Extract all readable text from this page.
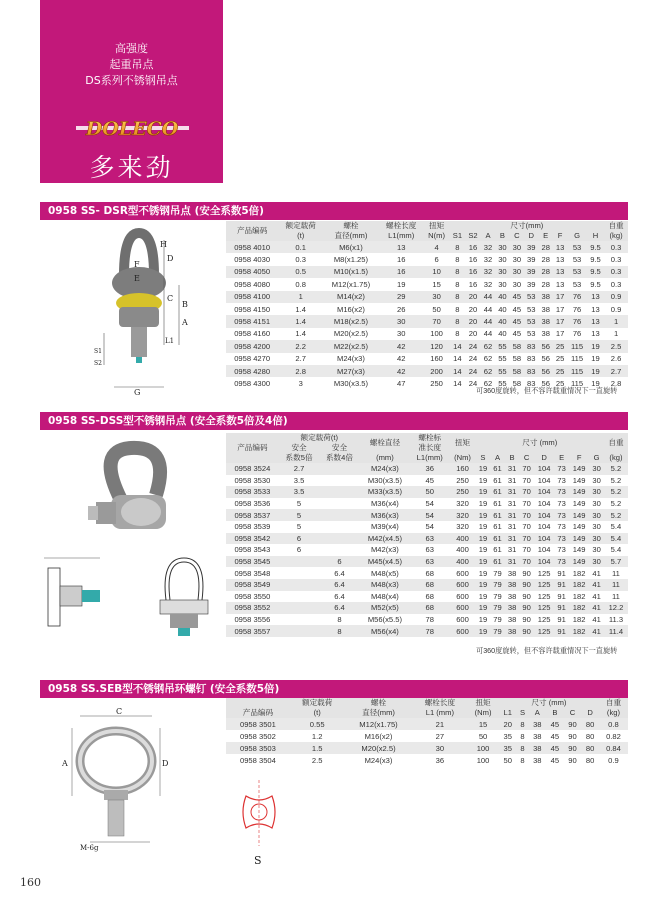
高强度
起重吊点
DS系列不锈钢吊点
DOLECO
多来劲
0958 SS- DSR型不锈钢吊点 (安全系数5倍)
F
E
H
D
C
B
A
L1
S1
S2
G
产品编码	额定载荷	螺栓	螺栓长度	扭矩	尺寸(mm)										自重
	(t)	直径(mm)	L1(mm)	N(m)	S1	S2	A	B	C	D	E	F	G	H	(kg)
0958 4010	0.1	M6(x1)	13	4	8	16	32	30	30	39	28	13	53	9.5	0.3
0958 4030	0.3	M8(x1.25)	16	6	8	16	32	30	30	39	28	13	53	9.5	0.3
0958 4050	0.5	M10(x1.5)	16	10	8	16	32	30	30	39	28	13	53	9.5	0.3
0958 4080	0.8	M12(x1.75)	19	15	8	16	32	30	30	39	28	13	53	9.5	0.3
0958 4100	1	M14(x2)	29	30	8	20	44	40	45	53	38	17	76	13	0.9
0958 4150	1.4	M16(x2)	26	50	8	20	44	40	45	53	38	17	76	13	0.9
0958 4151	1.4	M18(x2.5)	30	70	8	20	44	40	45	53	38	17	76	13	1
0958 4160	1.4	M20(x2.5)	30	100	8	20	44	40	45	53	38	17	76	13	1
0958 4200	2.2	M22(x2.5)	42	120	14	24	62	55	58	83	56	25	115	19	2.5
0958 4270	2.7	M24(x3)	42	160	14	24	62	55	58	83	56	25	115	19	2.6
0958 4280	2.8	M27(x3)	42	200	14	24	62	55	58	83	56	25	115	19	2.7
0958 4300	3	M30(x3.5)	47	250	14	24	62	55	58	83	56	25	115	19	2.8
可360度旋转，但不容许载重情况下一直旋转
0958 SS-DSS型不锈钢吊点 (安全系数5倍及4倍)
产品编码	额定载荷(t)		螺栓直径	螺栓标	扭矩	尺寸 (mm)								自重
	安全	安全		准长度										
	系数5倍	系数4倍	(mm)	L1(mm)	(Nm)	S	A	B	C	D	E	F	G	(kg)
0958 3524	2.7		M24(x3)	36	160	19	61	31	70	104	73	149	30	5.2
0958 3530	3.5		M30(x3.5)	45	250	19	61	31	70	104	73	149	30	5.2
0958 3533	3.5		M33(x3.5)	50	250	19	61	31	70	104	73	149	30	5.2
0958 3536	5		M36(x4)	54	320	19	61	31	70	104	73	149	30	5.2
0958 3537	5		M36(x3)	54	320	19	61	31	70	104	73	149	30	5.2
0958 3539	5		M39(x4)	54	320	19	61	31	70	104	73	149	30	5.4
0958 3542	6		M42(x4.5)	63	400	19	61	31	70	104	73	149	30	5.4
0958 3543	6		M42(x3)	63	400	19	61	31	70	104	73	149	30	5.4
0958 3545		6	M45(x4.5)	63	400	19	61	31	70	104	73	149	30	5.7
0958 3548		6.4	M48(x5)	68	600	19	79	38	90	125	91	182	41	11
0958 3549		6.4	M48(x3)	68	600	19	79	38	90	125	91	182	41	11
0958 3550		6.4	M48(x4)	68	600	19	79	38	90	125	91	182	41	11
0958 3552		6.4	M52(x5)	68	600	19	79	38	90	125	91	182	41	12.2
0958 3556		8	M56(x5.5)	78	600	19	79	38	90	125	91	182	41	11.3
0958 3557		8	M56(x4)	78	600	19	79	38	90	125	91	182	41	11.4
可360度旋转，但不容许载重情况下一直旋转
0958 SS.SEB型不锈钢吊环螺钉 (安全系数5倍)
C
D
A
M-6g
S
	额定载荷	螺栓	螺栓长度	扭矩	尺寸 (mm)						自重
产品编码	(t)	直径(mm)	L1 (mm)	(Nm)	L1	S	A	B	C	D	(kg)
0958 3501	0.55	M12(x1.75)	21	15	20	8	38	45	90	80	0.8
0958 3502	1.2	M16(x2)	27	50	35	8	38	45	90	80	0.82
0958 3503	1.5	M20(x2.5)	30	100	35	8	38	45	90	80	0.84
0958 3504	2.5	M24(x3)	36	100	50	8	38	45	90	80	0.9
160
